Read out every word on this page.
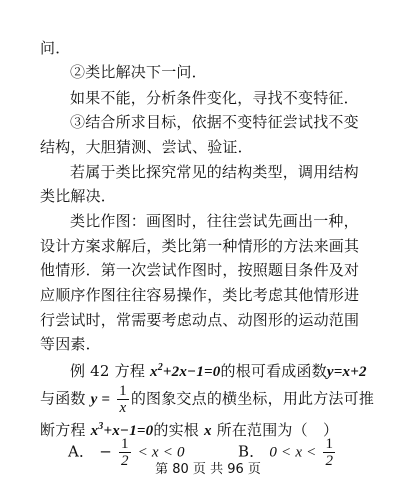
问．
②类比解决下一问．
如果不能，分析条件变化，寻找不变特征．
③结合所求目标，依据不变特征尝试找不变
结构，大胆猜测、尝试、验证．
若属于类比探究常见的结构类型，调用结构
类比解决．
类比作图：画图时，往往尝试先画出一种，
设计方案求解后，类比第一种情形的方法来画其
他情形．第一次尝试作图时，按照题目条件及对
应顺序作图往往容易操作，类比考虑其他情形进
行尝试时，常需要考虑动点、动图形的运动范围
等因素．
例 42 方程 $x^2+2x-1=0$的根可看成函数y=x+2
与函数 $y = \frac{1}{x}$ 的图象交点的横坐标，用此方法可推
断方程 $x^3+x-1=0$的实根 x 所在范围为（　）
A． − $\frac{1}{2} < x < 0$	B． $0 < x < \frac{1}{2}$
第 80 页 共 96 页
